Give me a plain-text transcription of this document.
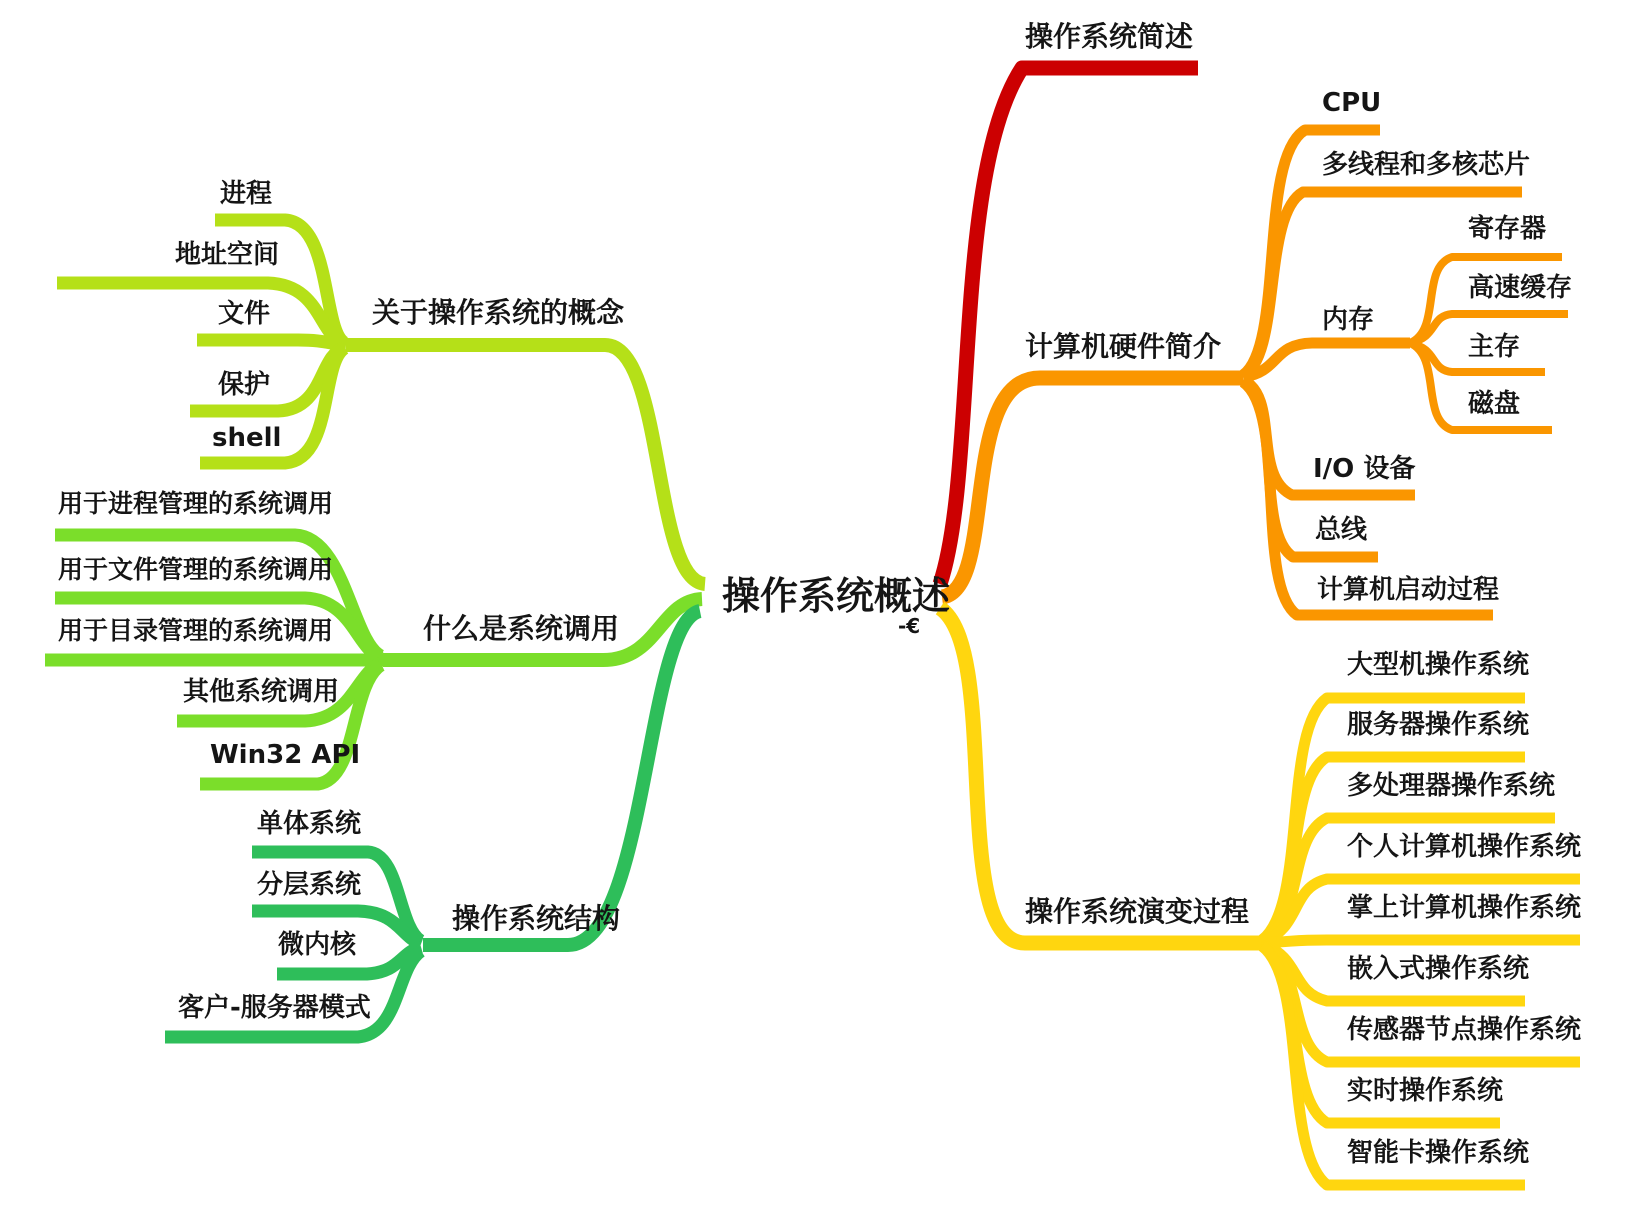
操作系统概述
-€
操作系统简述
计算机硬件简介
操作系统演变过程
关于操作系统的概念
什么是系统调用
操作系统结构
CPU
多线程和多核芯片
内存
I/O 设备
总线
计算机启动过程
寄存器
高速缓存
主存
磁盘
大型机操作系统
服务器操作系统
多处理器操作系统
个人计算机操作系统
掌上计算机操作系统
嵌入式操作系统
传感器节点操作系统
实时操作系统
智能卡操作系统
进程
地址空间
文件
保护
shell
用于进程管理的系统调用
用于文件管理的系统调用
用于目录管理的系统调用
其他系统调用
Win32 API
单体系统
分层系统
微内核
客户-服务器模式
